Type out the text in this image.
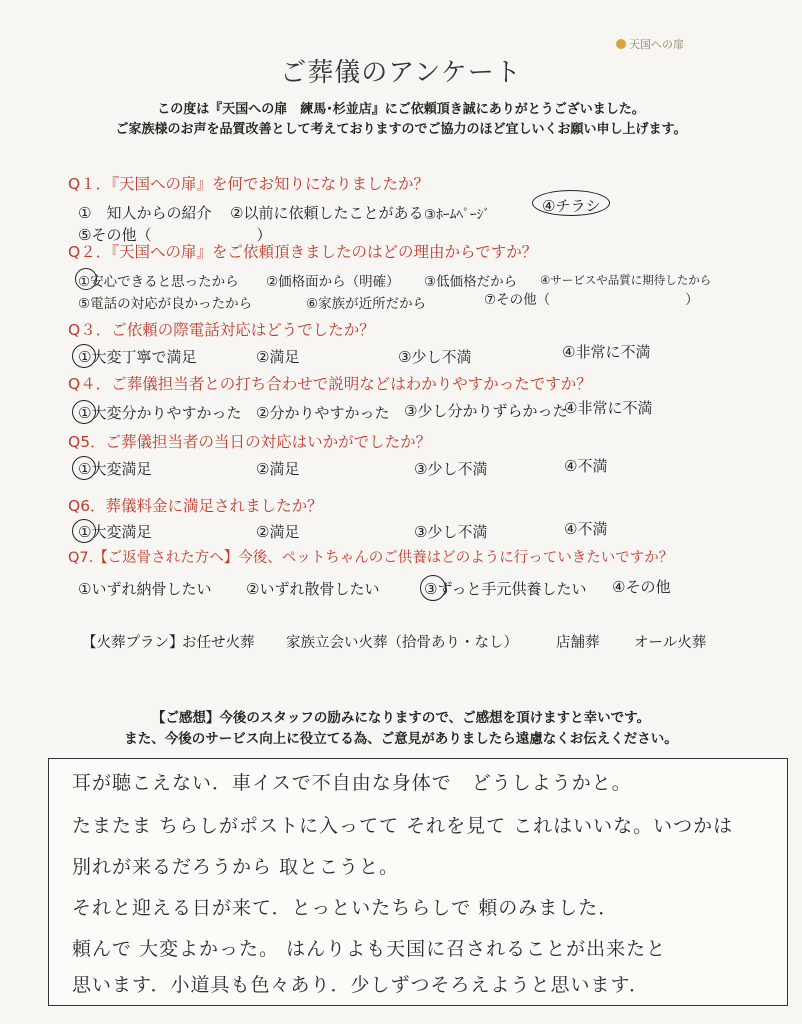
天国への扉
ご葬儀のアンケート
この度は『天国への扉　練馬･杉並店』にご依頼頂き誠にありがとうございました。
ご家族様のお声を品質改善として考えておりますのでご協力のほど宜しいくお願い申し上げます。
Q１．『天国への扉』を何でお知りになりましたか？
①　知人からの紹介 ②以前に依頼したことがある ③ﾎｰﾑﾍﾟｰｼﾞ	④チラシ
⑤その他（　　　　　　　）
Q２．『天国への扉』をご依頼頂きましたのはどの理由からですか？
①安心できると思ったから ②価格面から（明確） ③低価格だから ④サービスや品質に期待したから
⑤電話の対応が良かったから	⑥家族が近所だから	⑦その他（　　　　　　　　　　）
Q３．ご依頼の際電話対応はどうでしたか？
①大変丁寧で満足	②満足	③少し不満	④非常に不満
Q４．ご葬儀担当者との打ち合わせで説明などはわかりやすかったですか？
①大変分かりやすかった ②分かりやすかった ③少し分かりずらかった
④非常に不満
Q5．ご葬儀担当者の当日の対応はいかがでしたか？
①大変満足	②満足	③少し不満	④不満
Q6．葬儀料金に満足されましたか？
①大変満足	②満足	③少し不満	④不満
Q7.【ご返骨された方へ】今後、ペットちゃんのご供養はどのように行っていきたいですか？
①いずれ納骨したい ②いずれ散骨したい	③ずっと手元供養したい ④その他
【火葬プラン】
お任せ火葬 家族立会い火葬（拾骨あり・なし）	店舗葬 オール火葬
【ご感想】今後のスタッフの励みになりますので、ご感想を頂けますと幸いです。
また、今後のサービス向上に役立てる為、ご意見がありましたら遠慮なくお伝えください。
耳が聴こえない．車イスで不自由な身体で　どうしようかと。
たまたま ちらしがポストに入ってて それを見て これはいいな。いつかは
別れが来るだろうから 取とこうと。
それと迎える日が来て．とっといたちらしで 頼のみました．
頼んで 大変よかった。 はんりよも天国に召されることが出来たと
思います．小道具も色々あり．少しずつそろえようと思います．
